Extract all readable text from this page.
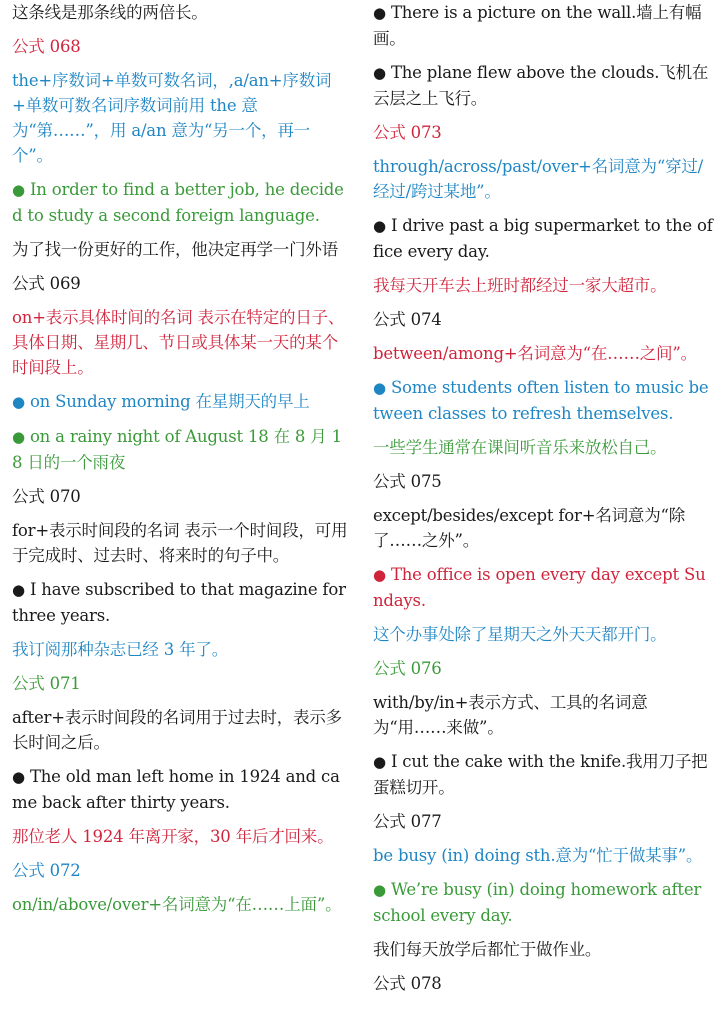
这条线是那条线的两倍长。

公式 068

the+序数词+单数可数名词，,a/an+序数词+单数可数名词序数词前用 the 意为“第……”，用 a/an 意为“另一个，再一个”。

● In order to find a better job, he decided to study a second foreign language.

为了找一份更好的工作，他决定再学一门外语

公式 069

on+表示具体时间的名词 表示在特定的日子、具体日期、星期几、节日或具体某一天的某个时间段上。

● on Sunday morning 在星期天的早上

● on a rainy night of August 18 在 8 月 18 日的一个雨夜

公式 070

for+表示时间段的名词 表示一个时间段，可用于完成时、过去时、将来时的句子中。

● I have subscribed to that magazine for three years.

我订阅那种杂志已经 3 年了。

公式 071

after+表示时间段的名词用于过去时，表示多长时间之后。

● The old man left home in 1924 and came back after thirty years.

那位老人 1924 年离开家，30 年后才回来。

公式 072

on/in/above/over+名词意为“在……上面”。

● There is a picture on the wall.墙上有幅画。

● The plane flew above the clouds.飞机在云层之上飞行。

公式 073

through/across/past/over+名词意为“穿过/经过/跨过某地”。

● I drive past a big supermarket to the office every day.

我每天开车去上班时都经过一家大超市。

公式 074

between/among+名词意为“在……之间”。

● Some students often listen to music between classes to refresh themselves.

一些学生通常在课间听音乐来放松自己。

公式 075

except/besides/except for+名词意为“除了……之外”。

● The office is open every day except Sundays.

这个办事处除了星期天之外天天都开门。

公式 076

with/by/in+表示方式、工具的名词意为“用……来做”。

● I cut the cake with the knife.我用刀子把蛋糕切开。

公式 077

be busy (in) doing sth.意为“忙于做某事”。

● We’re busy (in) doing homework after school every day.

我们每天放学后都忙于做作业。

公式 078
